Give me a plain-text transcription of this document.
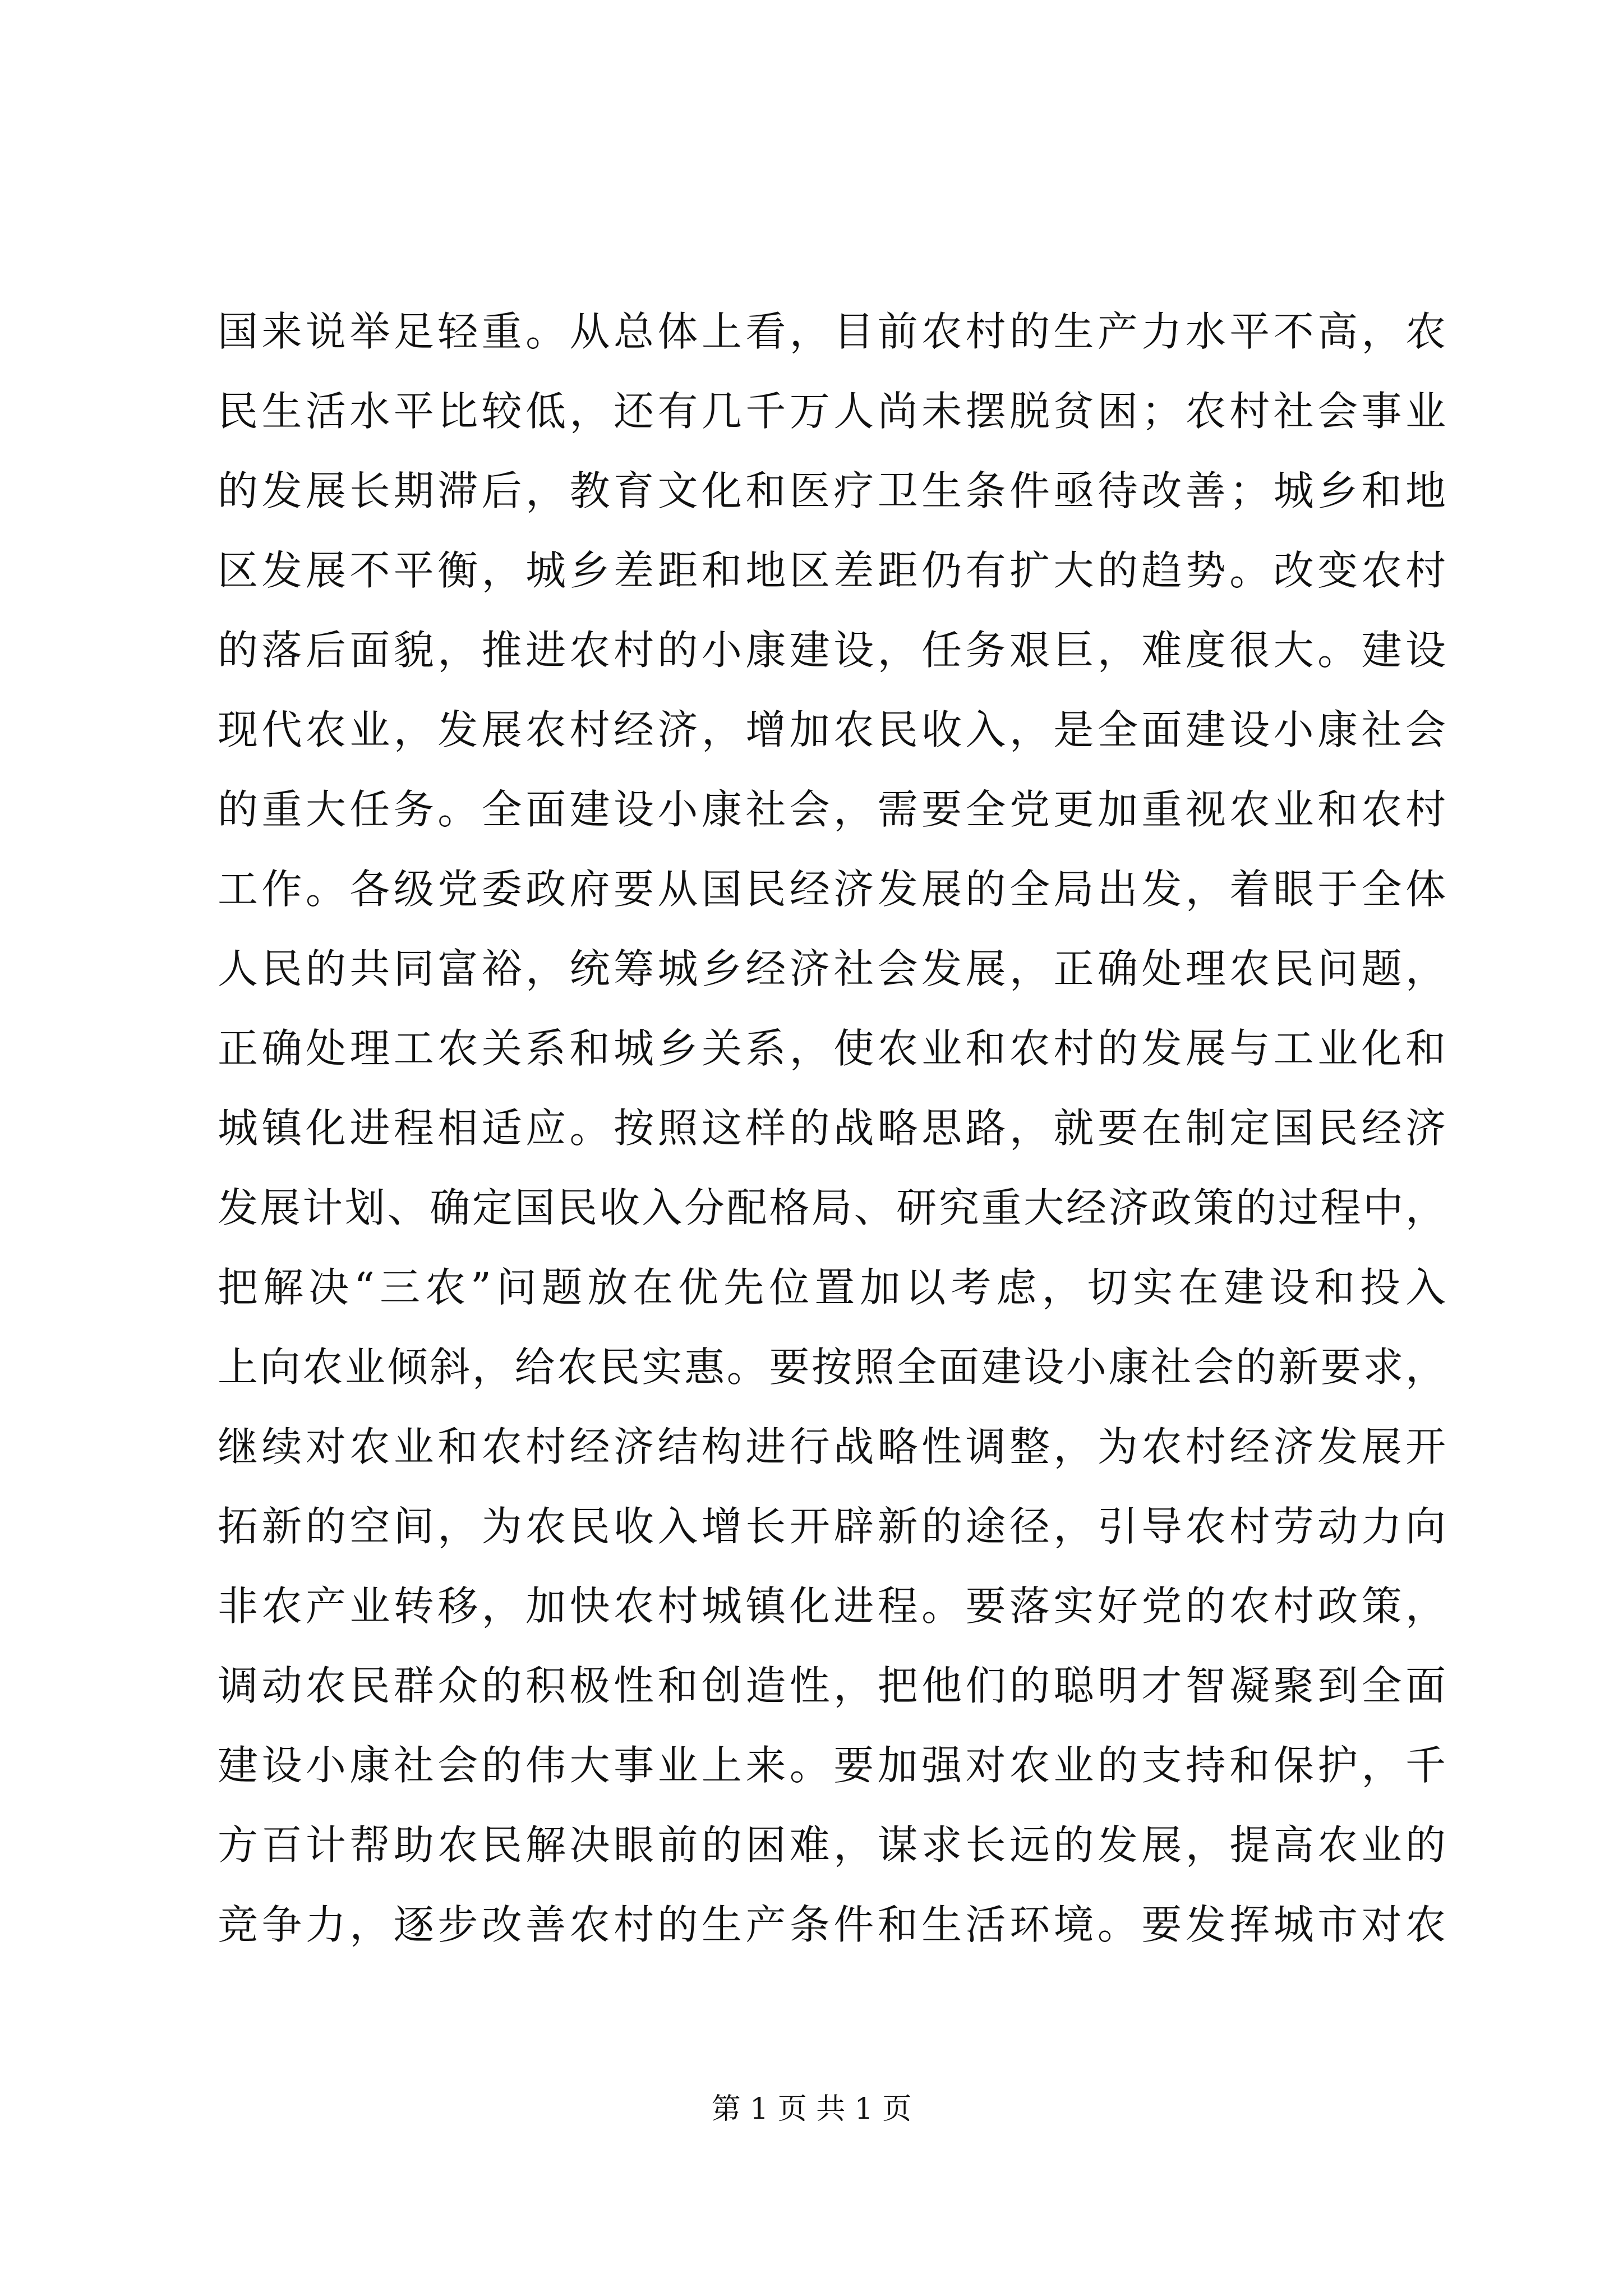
国来说举足轻重。从总体上看，目前农村的生产力水平不高，农
民生活水平比较低，还有几千万人尚未摆脱贫困；农村社会事业
的发展长期滞后，教育文化和医疗卫生条件亟待改善；城乡和地
区发展不平衡，城乡差距和地区差距仍有扩大的趋势。改变农村
的落后面貌，推进农村的小康建设，任务艰巨，难度很大。建设
现代农业，发展农村经济，增加农民收入，是全面建设小康社会
的重大任务。全面建设小康社会，需要全党更加重视农业和农村
工作。各级党委政府要从国民经济发展的全局出发，着眼于全体
人民的共同富裕，统筹城乡经济社会发展，正确处理农民问题，
正确处理工农关系和城乡关系，使农业和农村的发展与工业化和
城镇化进程相适应。按照这样的战略思路，就要在制定国民经济
发展计划、确定国民收入分配格局、研究重大经济政策的过程中，
把解决“三农”问题放在优先位置加以考虑，切实在建设和投入
上向农业倾斜，给农民实惠。要按照全面建设小康社会的新要求，
继续对农业和农村经济结构进行战略性调整，为农村经济发展开
拓新的空间，为农民收入增长开辟新的途径，引导农村劳动力向
非农产业转移，加快农村城镇化进程。要落实好党的农村政策，
调动农民群众的积极性和创造性，把他们的聪明才智凝聚到全面
建设小康社会的伟大事业上来。要加强对农业的支持和保护，千
方百计帮助农民解决眼前的困难，谋求长远的发展，提高农业的
竞争力，逐步改善农村的生产条件和生活环境。要发挥城市对农
第 1 页 共 1 页
